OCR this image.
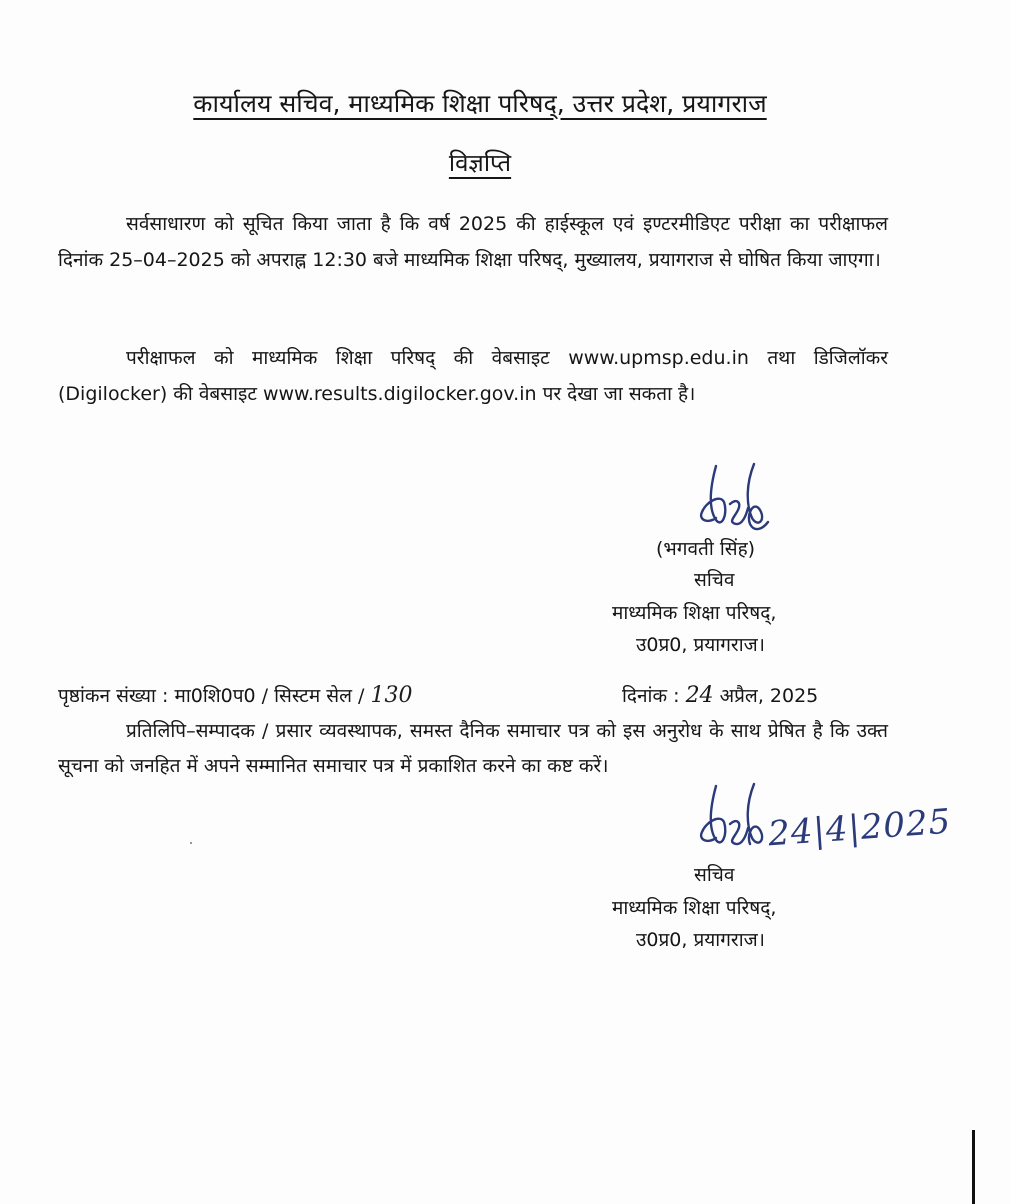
कार्यालय सचिव, माध्यमिक शिक्षा परिषद्, उत्तर प्रदेश, प्रयागराज
विज्ञप्ति
सर्वसाधारण को सूचित किया जाता है कि वर्ष 2025 की हाईस्कूल एवं इण्टरमीडिएट परीक्षा का परीक्षाफल दिनांक 25–04–2025 को अपराह्न 12:30 बजे माध्यमिक शिक्षा परिषद्, मुख्यालय, प्रयागराज से घोषित किया जाएगा।
परीक्षाफल को माध्यमिक शिक्षा परिषद् की वेबसाइट www.upmsp.edu.in तथा डिजिलॉकर (Digilocker) की वेबसाइट www.results.digilocker.gov.in पर देखा जा सकता है।
(भगवती सिंह)
सचिव
माध्यमिक शिक्षा परिषद्,
उ0प्र0, प्रयागराज।
पृष्ठांकन संख्या : मा0शि0प0 / सिस्टम सेल / 130	दिनांक : 24 अप्रैल, 2025
प्रतिलिपि–सम्पादक / प्रसार व्यवस्थापक, समस्त दैनिक समाचार पत्र को इस अनुरोध के साथ प्रेषित है कि उक्त सूचना को जनहित में अपने सम्मानित समाचार पत्र में प्रकाशित करने का कष्ट करें।
24|4|2025
सचिव
माध्यमिक शिक्षा परिषद्,
उ0प्र0, प्रयागराज।
